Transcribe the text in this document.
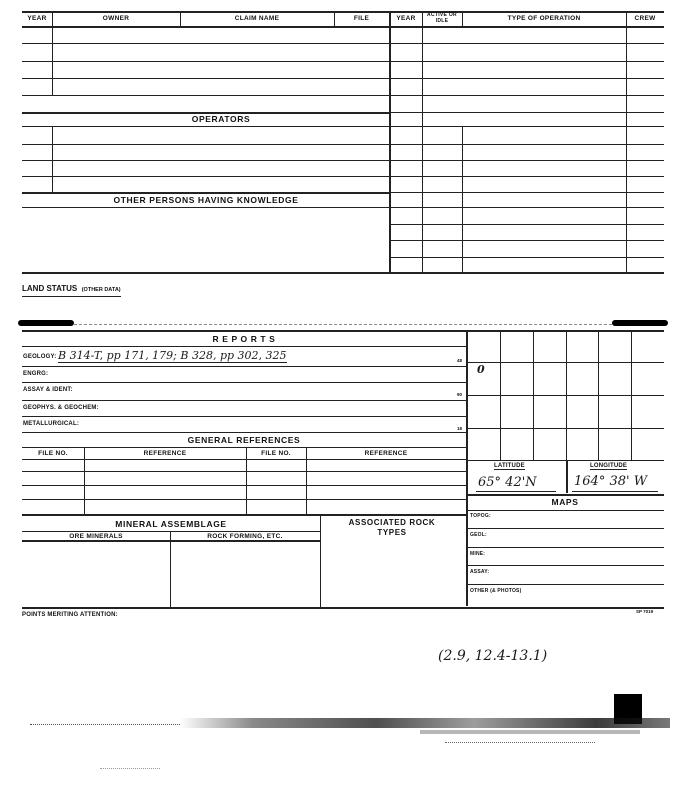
YEAR	OWNER	CLAIM NAME	FILE	YEAR	ACTIVE OR IDLE	TYPE OF OPERATION	CREW
OPERATORS
OTHER PERSONS HAVING KNOWLEDGE
LAND STATUS (OTHER DATA)
R E P O R T S
GEOLOGY: B 314-T, pp 171, 179; B 328, pp 302, 325	48
ENGRG:
ASSAY & IDENT:
90
GEOPHYS. & GEOCHEM:
METALLURGICAL:
18
0
LATITUDE	LONGITUDE
65° 42'N	164° 38' W
MAPS
TOPOG:
GEOL:
MINE:
ASSAY:
OTHER (& PHOTOS)
GENERAL REFERENCES
FILE NO.	REFERENCE	FILE NO.	REFERENCE
MINERAL ASSEMBLAGE
ORE MINERALS	ROCK FORMING, ETC.
ASSOCIATED ROCK TYPES
POINTS MERITING ATTENTION:
SP 7019
(2.9, 12.4-13.1)
